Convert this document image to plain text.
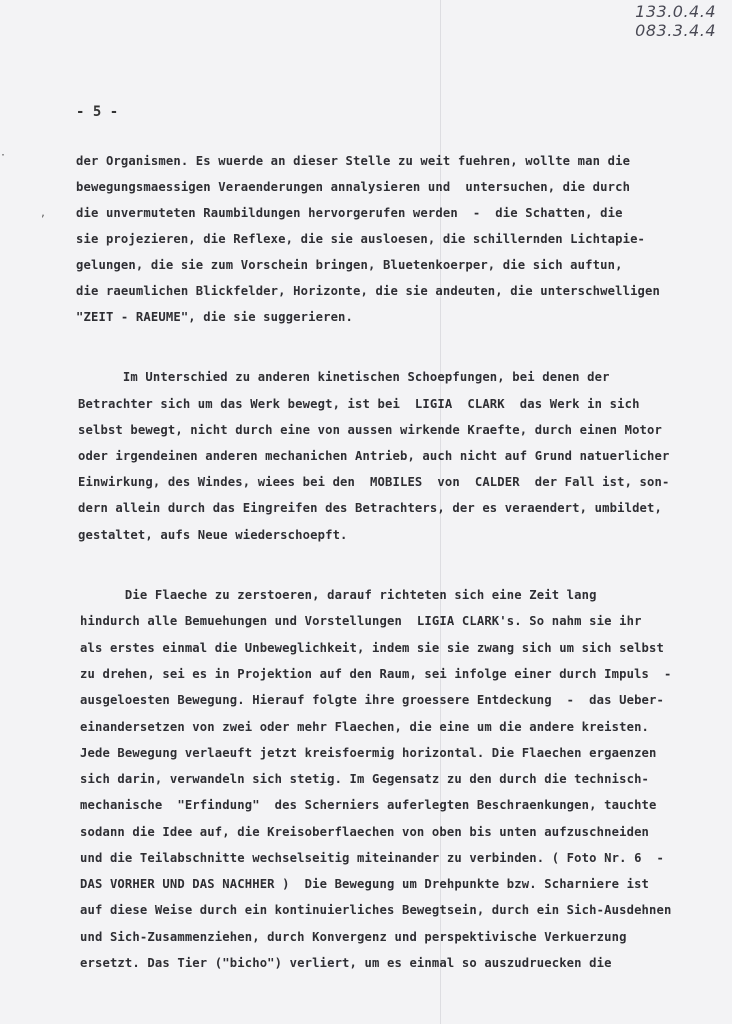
133.0.4.4
083.3.4.4
- 5 -
·
‚
der Organismen. Es wuerde an dieser Stelle zu weit fuehren, wollte man die
bewegungsmaessigen Veraenderungen annalysieren und  untersuchen, die durch
die unvermuteten Raumbildungen hervorgerufen werden  -  die Schatten, die
sie projezieren, die Reflexe, die sie ausloesen, die schillernden Lichtapie-
gelungen, die sie zum Vorschein bringen, Bluetenkoerper, die sich auftun,
die raeumlichen Blickfelder, Horizonte, die sie andeuten, die unterschwelligen
"ZEIT - RAEUME", die sie suggerieren.
Im Unterschied zu anderen kinetischen Schoepfungen, bei denen der
Betrachter sich um das Werk bewegt, ist bei  LIGIA  CLARK  das Werk in sich
selbst bewegt, nicht durch eine von aussen wirkende Kraefte, durch einen Motor
oder irgendeinen anderen mechanichen Antrieb, auch nicht auf Grund natuerlicher
Einwirkung, des Windes, wiees bei den  MOBILES  von  CALDER  der Fall ist, son-
dern allein durch das Eingreifen des Betrachters, der es veraendert, umbildet,
gestaltet, aufs Neue wiederschoepft.
Die Flaeche zu zerstoeren, darauf richteten sich eine Zeit lang
hindurch alle Bemuehungen und Vorstellungen  LIGIA CLARK's. So nahm sie ihr
als erstes einmal die Unbeweglichkeit, indem sie sie zwang sich um sich selbst
zu drehen, sei es in Projektion auf den Raum, sei infolge einer durch Impuls  -
ausgeloesten Bewegung. Hierauf folgte ihre groessere Entdeckung  -  das Ueber-
einandersetzen von zwei oder mehr Flaechen, die eine um die andere kreisten.
Jede Bewegung verlaeuft jetzt kreisfoermig horizontal. Die Flaechen ergaenzen
sich darin, verwandeln sich stetig. Im Gegensatz zu den durch die technisch-
mechanische  "Erfindung"  des Scherniers auferlegten Beschraenkungen, tauchte
sodann die Idee auf, die Kreisoberflaechen von oben bis unten aufzuschneiden
und die Teilabschnitte wechselseitig miteinander zu verbinden. ( Foto Nr. 6  -
DAS VORHER UND DAS NACHHER )  Die Bewegung um Drehpunkte bzw. Scharniere ist
auf diese Weise durch ein kontinuierliches Bewegtsein, durch ein Sich-Ausdehnen
und Sich-Zusammenziehen, durch Konvergenz und perspektivische Verkuerzung
ersetzt. Das Tier ("bicho") verliert, um es einmal so auszudruecken die
